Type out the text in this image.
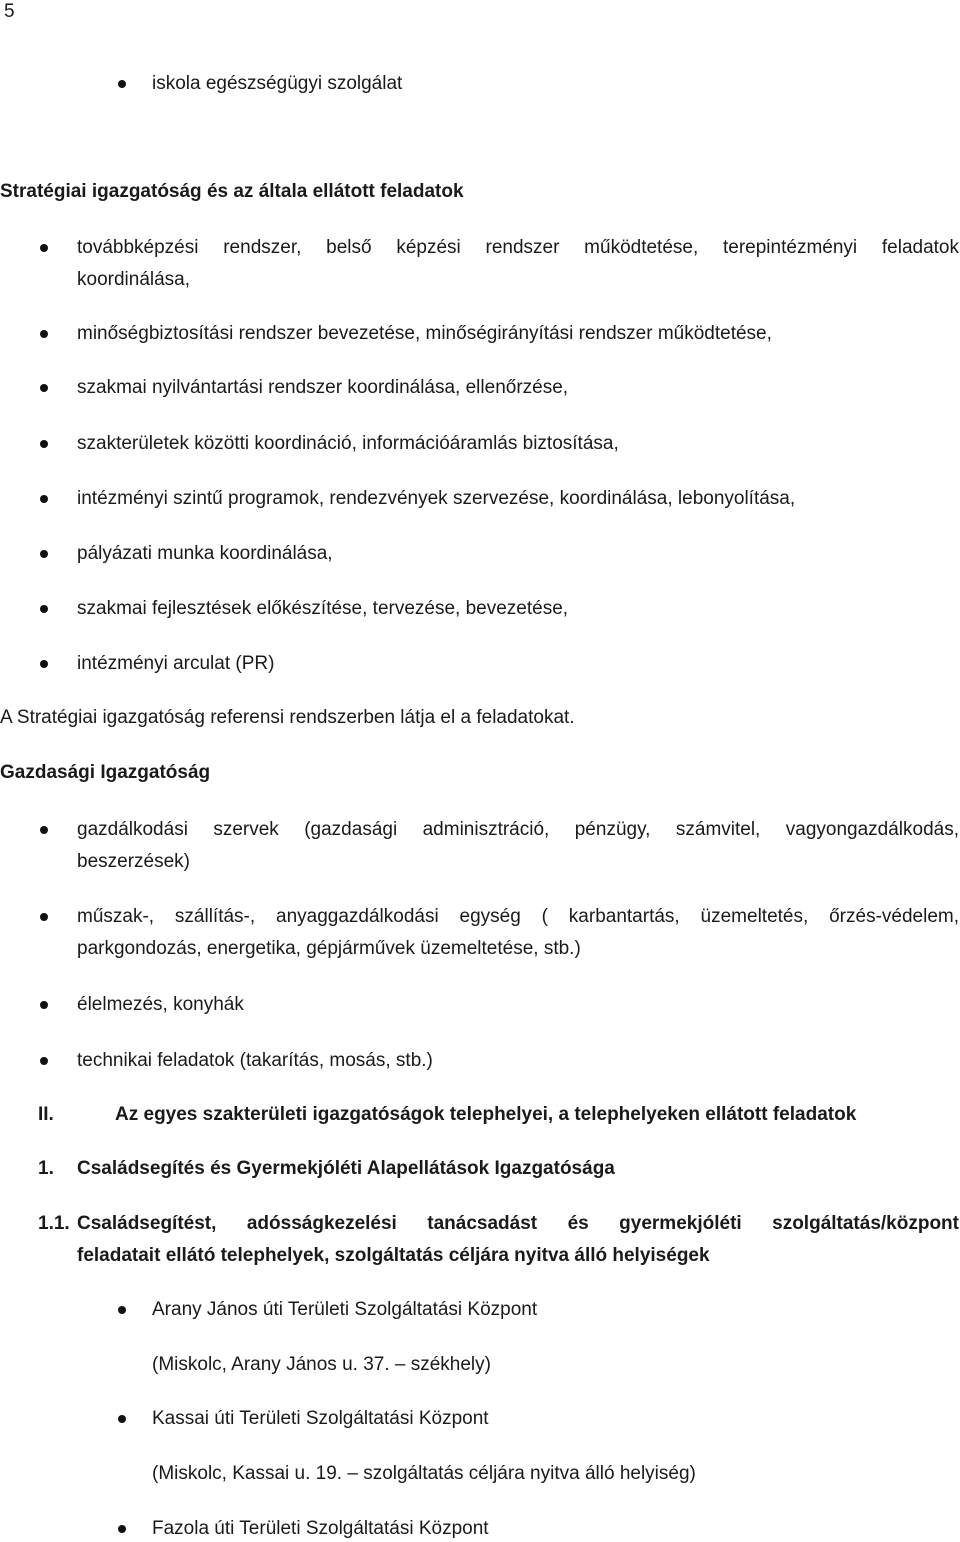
5
iskola egészségügyi szolgálat
Stratégiai igazgatóság és az általa ellátott feladatok
továbbképzési rendszer, belső képzési rendszer működtetése, terepintézményi feladatok
koordinálása,
minőségbiztosítási rendszer bevezetése, minőségirányítási rendszer működtetése,
szakmai nyilvántartási rendszer koordinálása, ellenőrzése,
szakterületek közötti koordináció, információáramlás biztosítása,
intézményi szintű programok, rendezvények szervezése, koordinálása, lebonyolítása,
pályázati munka koordinálása,
szakmai fejlesztések előkészítése, tervezése, bevezetése,
intézményi arculat (PR)
A Stratégiai igazgatóság referensi rendszerben látja el a feladatokat.
Gazdasági Igazgatóság
gazdálkodási szervek (gazdasági adminisztráció, pénzügy, számvitel, vagyongazdálkodás,
beszerzések)
műszak-, szállítás-, anyaggazdálkodási egység ( karbantartás, üzemeltetés, őrzés-védelem,
parkgondozás, energetika, gépjárművek üzemeltetése, stb.)
élelmezés, konyhák
technikai feladatok (takarítás, mosás, stb.)
II.	Az egyes szakterületi igazgatóságok telephelyei, a telephelyeken ellátott feladatok
1. Családsegítés és Gyermekjóléti Alapellátások Igazgatósága
1.1. Családsegítést, adósságkezelési tanácsadást és gyermekjóléti szolgáltatás/központ
feladatait ellátó telephelyek, szolgáltatás céljára nyitva álló helyiségek
Arany János úti Területi Szolgáltatási Központ
(Miskolc, Arany János u. 37. – székhely)
Kassai úti Területi Szolgáltatási Központ
(Miskolc, Kassai u. 19. – szolgáltatás céljára nyitva álló helyiség)
Fazola úti Területi Szolgáltatási Központ
